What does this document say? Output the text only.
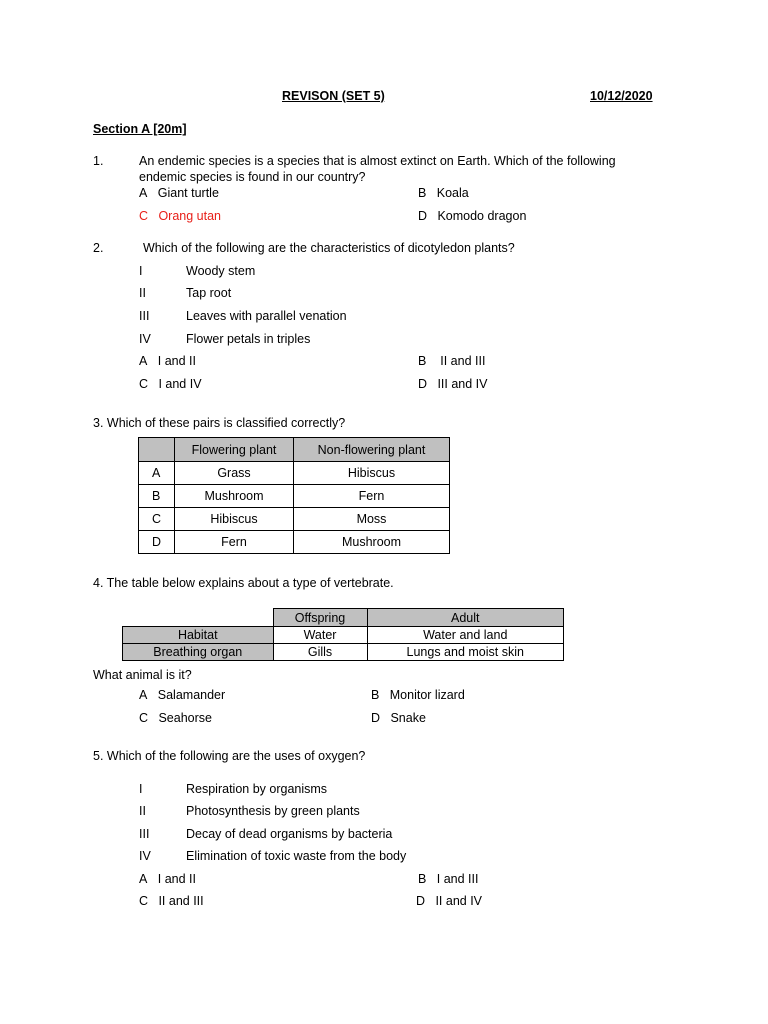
REVISON (SET 5)	10/12/2020
Section A [20m]
1.	An endemic species is a species that is almost extinct on Earth. Which of the following
endemic species is found in our country?
A Giant turtle	B Koala
C Orang utan	D Komodo dragon
2.	Which of the following are the characteristics of dicotyledon plants?
I	Woody stem
II	Tap root
III	Leaves with parallel venation
IV	Flower petals in triples
A I and II	B II and III
C I and IV	D III and IV
3. Which of these pairs is classified correctly?
	Flowering plant	Non-flowering plant
A	Grass	Hibiscus
B	Mushroom	Fern
C	Hibiscus	Moss
D	Fern	Mushroom
4. The table below explains about a type of vertebrate.
	Offspring	Adult
Habitat	Water	Water and land
Breathing organ	Gills	Lungs and moist skin
What animal is it?
A Salamander	B Monitor lizard
C Seahorse	D Snake
5. Which of the following are the uses of oxygen?
I	Respiration by organisms
II	Photosynthesis by green plants
III	Decay of dead organisms by bacteria
IV	Elimination of toxic waste from the body
A I and II	B I and III
C II and III	D II and IV
